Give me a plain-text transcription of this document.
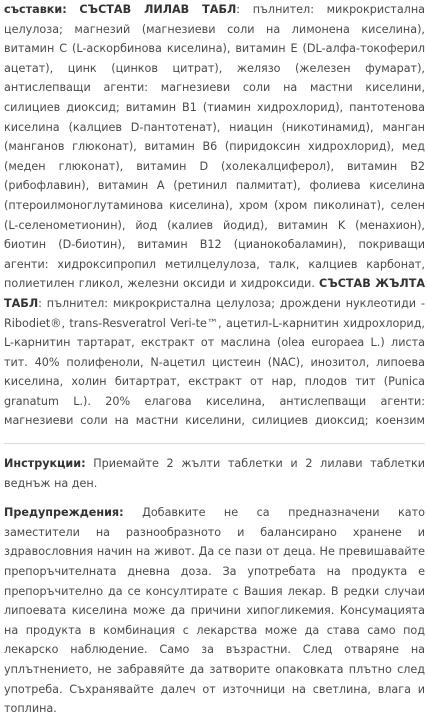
съставки: СЪСТАВ ЛИЛАВ ТАБЛ: пълнител: микрокристална целулоза; магнезий (магнезиеви соли на лимонена киселина), витамин C (L-аскорбинова киселина), витамин E (DL-алфа-токоферил ацетат), цинк (цинков цитрат), желязо (железен фумарат), антислепващи агенти: магнезиеви соли на мастни киселини, силициев диоксид; витамин B1 (тиамин хидрохлорид), пантотенова киселина (калциев D-пантотенат), ниацин (никотинамид), манган (манганов глюконат), витамин B6 (пиридоксин хидрохлорид), мед (меден глюконат), витамин D (холекалциферол), витамин B2 (рибофлавин), витамин A (ретинил палмитат), фолиева киселина (птероилмоноглутаминова киселина), хром (хром пиколинат), селен (L-селенометионин), йод (калиев йодид), витамин K (менахион), биотин (D-биотин), витамин B12 (цианокобаламин), покриващи агенти: хидроксипропил метилцелулоза, талк, калциев карбонат, полиетилен гликол, железни оксиди и хидроксиди. СЪСТАВ ЖЪЛТА ТАБЛ: пълнител: микрокристална целулоза; дрождени нуклеотиди - Ribodiet®, trans-Resveratrol Veri-te™, ацетил-L-карнитин хидрохлорид, L-карнитин тартарат, екстракт от маслина (olea europaea L.) листа тит. 40% полифеноли, N-ацетил цистеин (NAC), инозитол, липоева киселина, холин битартрат, екстракт от нар, плодов тит (Punica granatum L.). 20% елагова киселина, антислепващи агенти: магнезиеви соли на мастни киселини, силициев диоксид; коензим

Инструкции: Приемайте 2 жълти таблетки и 2 лилави таблетки веднъж на ден.

Предупреждения: Добавките не са предназначени като заместители на разнообразното и балансирано хранене и здравословния начин на живот. Да се пази от деца. Не превишавайте препоръчителната дневна доза. За употребата на продукта е препоръчително да се консултирате с Вашия лекар. В редки случаи липоевата киселина може да причини хипогликемия. Консумацията на продукта в комбинация с лекарства може да става само под лекарско наблюдение. Само за възрастни. След отваряне на уплътнението, не забравяйте да затворите опаковката плътно след употреба. Съхранявайте далеч от източници на светлина, влага и топлина.
